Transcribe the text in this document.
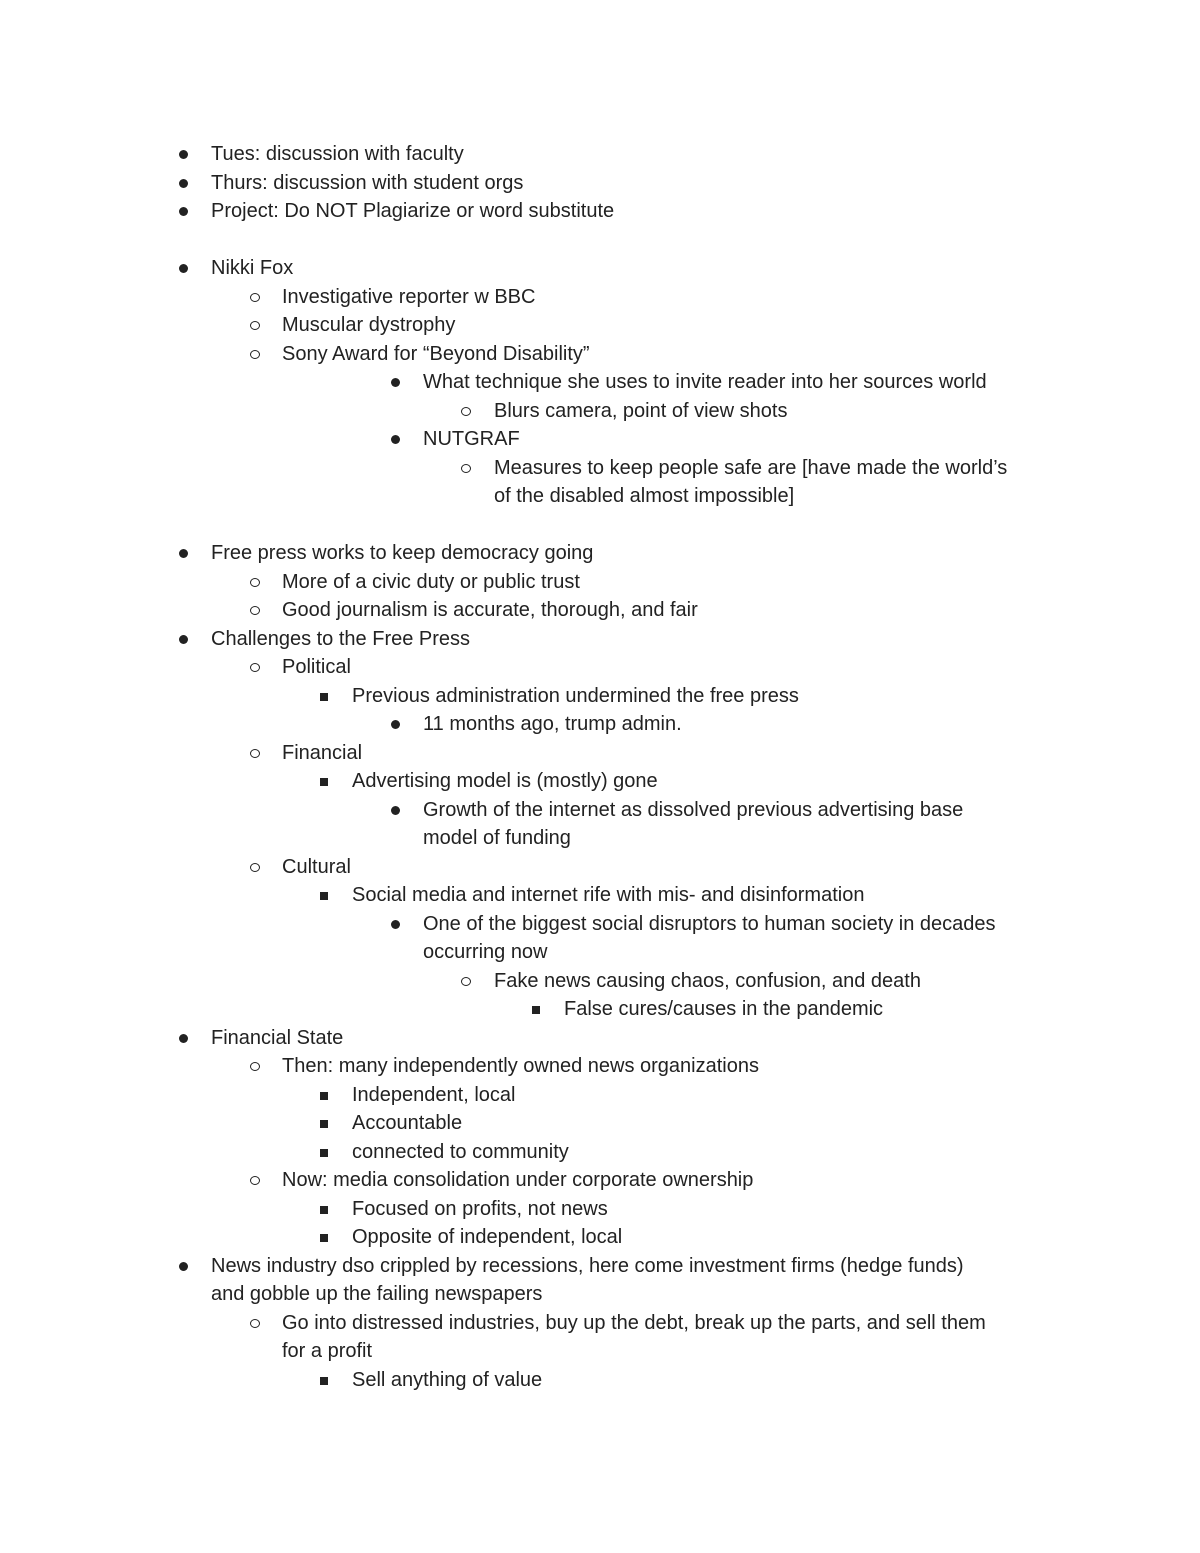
Tues: discussion with faculty
Thurs: discussion with student orgs
Project: Do NOT Plagiarize or word substitute
Nikki Fox
Investigative reporter w BBC
Muscular dystrophy
Sony Award for “Beyond Disability”
What technique she uses to invite reader into her sources world
Blurs camera, point of view shots
NUTGRAF
Measures to keep people safe are [have made the world’s
of the disabled almost impossible]
Free press works to keep democracy going
More of a civic duty or public trust
Good journalism is accurate, thorough, and fair
Challenges to the Free Press
Political
Previous administration undermined the free press
11 months ago, trump admin.
Financial
Advertising model is (mostly) gone
Growth of the internet as dissolved previous advertising base
model of funding
Cultural
Social media and internet rife with mis- and disinformation
One of the biggest social disruptors to human society in decades
occurring now
Fake news causing chaos, confusion, and death
False cures/causes in the pandemic
Financial State
Then: many independently owned news organizations
Independent, local
Accountable
connected to community
Now: media consolidation under corporate ownership
Focused on profits, not news
Opposite of independent, local
News industry dso crippled by recessions, here come investment firms (hedge funds)
and gobble up the failing newspapers
Go into distressed industries, buy up the debt, break up the parts, and sell them
for a profit
Sell anything of value
